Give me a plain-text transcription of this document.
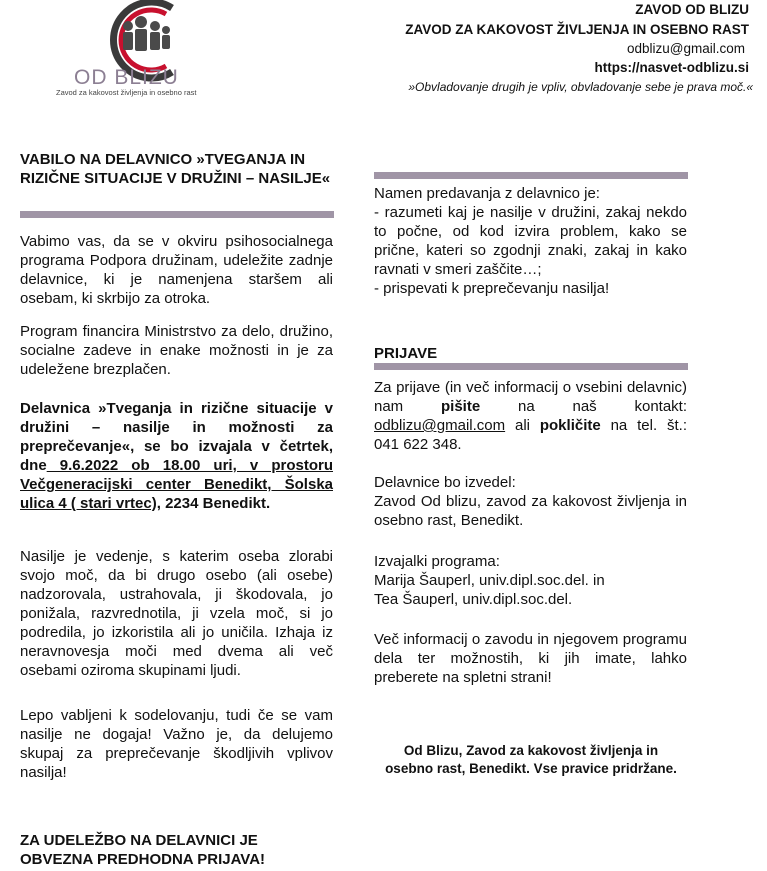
OD BLIZU
Zavod za kakovost življenja in osebno rast
ZAVOD OD BLIZU
ZAVOD ZA KAKOVOST ŽIVLJENJA IN OSEBNO RAST
odblizu@gmail.com
https://nasvet-odblizu.si
»Obvladovanje drugih je vpliv, obvladovanje sebe je prava moč.«
VABILO NA DELAVNICO »TVEGANJA IN RIZIČNE SITUACIJE V DRUŽINI – NASILJE«

Vabimo vas, da se v okviru psihosocialnega programa Podpora družinam, udeležite zadnje delavnice, ki je namenjena staršem ali osebam, ki skrbijo za otroka.

Program financira Ministrstvo za delo, družino, socialne zadeve in enake možnosti in je za udeležene brezplačen.

Delavnica »Tveganja in rizične situacije v družini – nasilje in možnosti za preprečevanje«, se bo izvajala v četrtek, dne 9.6.2022 ob 18.00 uri, v prostoru Večgeneracijski center Benedikt, Šolska ulica 4 ( stari vrtec), 2234 Benedikt.

Nasilje je vedenje, s katerim oseba zlorabi svojo moč, da bi drugo osebo (ali osebe) nadzorovala, ustrahovala, ji škodovala, jo ponižala, razvrednotila, ji vzela moč, si jo podredila, jo izkoristila ali jo uničila. Izhaja iz neravnovesja moči med dvema ali več osebami oziroma skupinami ljudi.

Lepo vabljeni k sodelovanju, tudi če se vam nasilje ne dogaja! Važno je, da delujemo skupaj za preprečevanje škodljivih vplivov nasilja!

ZA UDELEŽBO NA DELAVNICI JE OBVEZNA PREDHODNA PRIJAVA!

Namen predavanja z delavnico je:

- razumeti kaj je nasilje v družini, zakaj nekdo to počne, od kod izvira problem, kako se prične, kateri so zgodnji znaki, zakaj in kako ravnati v smeri zaščite…;

- prispevati k preprečevanju nasilja!

PRIJAVE

Za prijave (in več informacij o vsebini delavnic) nam	pišite	na naš kontakt: odblizu@gmail.com ali pokličite na tel. št.: 041 622 348.

Delavnice bo izvedel:

Zavod Od blizu, zavod za kakovost življenja in osebno rast, Benedikt.

Izvajalki programa:

Marija Šauperl, univ.dipl.soc.del. in

Tea Šauperl, univ.dipl.soc.del.

Več informacij o zavodu in njegovem programu dela ter možnostih, ki jih imate, lahko preberete na spletni strani!

Od Blizu, Zavod za kakovost življenja in osebno rast, Benedikt. Vse pravice pridržane.
